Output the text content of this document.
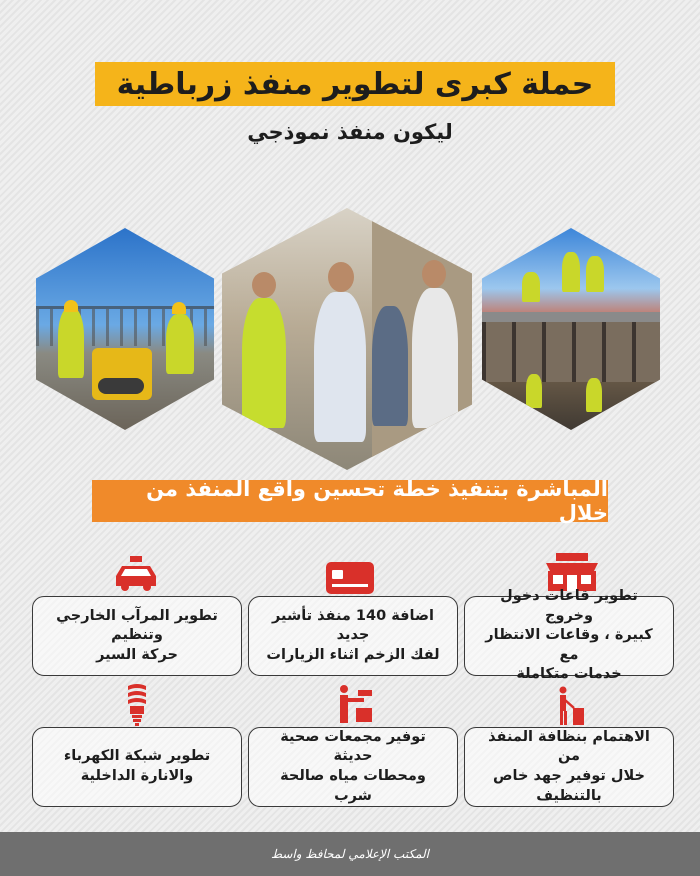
حملة كبرى لتطوير منفذ زرباطية
ليكون منفذ نموذجي
المباشرة بتنفيذ خطة تحسين واقع المنفذ من خلال
تطوير قاعات دخول وخروج
كبيرة ، وقاعات الانتظار مع
خدمات متكاملة
اضافة 140 منفذ تأشير جديد
لفك الزخم اثناء الزيارات
تطوير المرآب الخارجي وتنظيم
حركة السير
الاهتمام بنظافة المنفذ من
خلال توفير جهد خاص
بالتنظيف
توفير مجمعات صحية حديثة
ومحطات مياه صالحة شرب
تطوير شبكة الكهرباء
والانارة الداخلية
المكتب الإعلامي لمحافظ واسط
